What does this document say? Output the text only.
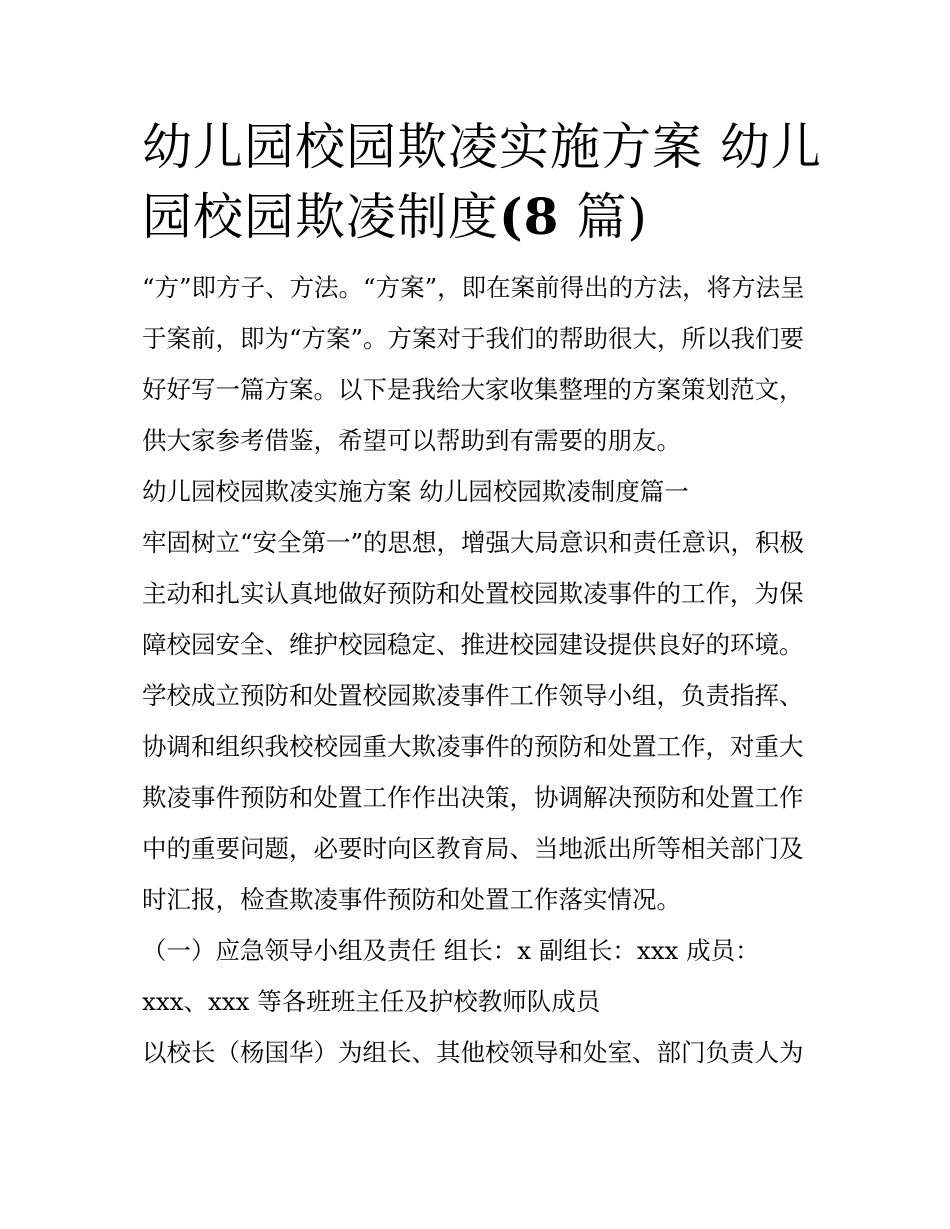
幼儿园校园欺凌实施方案 幼儿
园校园欺凌制度(8 篇)

“方”即方子、方法。“方案”，即在案前得出的方法，将方法呈
于案前，即为“方案”。方案对于我们的帮助很大，所以我们要
好好写一篇方案。以下是我给大家收集整理的方案策划范文，
供大家参考借鉴，希望可以帮助到有需要的朋友。

幼儿园校园欺凌实施方案 幼儿园校园欺凌制度篇一

牢固树立“安全第一”的思想，增强大局意识和责任意识，积极
主动和扎实认真地做好预防和处置校园欺凌事件的工作，为保
障校园安全、维护校园稳定、推进校园建设提供良好的环境。

学校成立预防和处置校园欺凌事件工作领导小组，负责指挥、
协调和组织我校校园重大欺凌事件的预防和处置工作，对重大
欺凌事件预防和处置工作作出决策，协调解决预防和处置工作
中的重要问题，必要时向区教育局、当地派出所等相关部门及
时汇报，检查欺凌事件预防和处置工作落实情况。

（一）应急领导小组及责任 组长：x 副组长：xxx 成员：
xxx、xxx 等各班班主任及护校教师队成员

以校长（杨国华）为组长、其他校领导和处室、部门负责人为
